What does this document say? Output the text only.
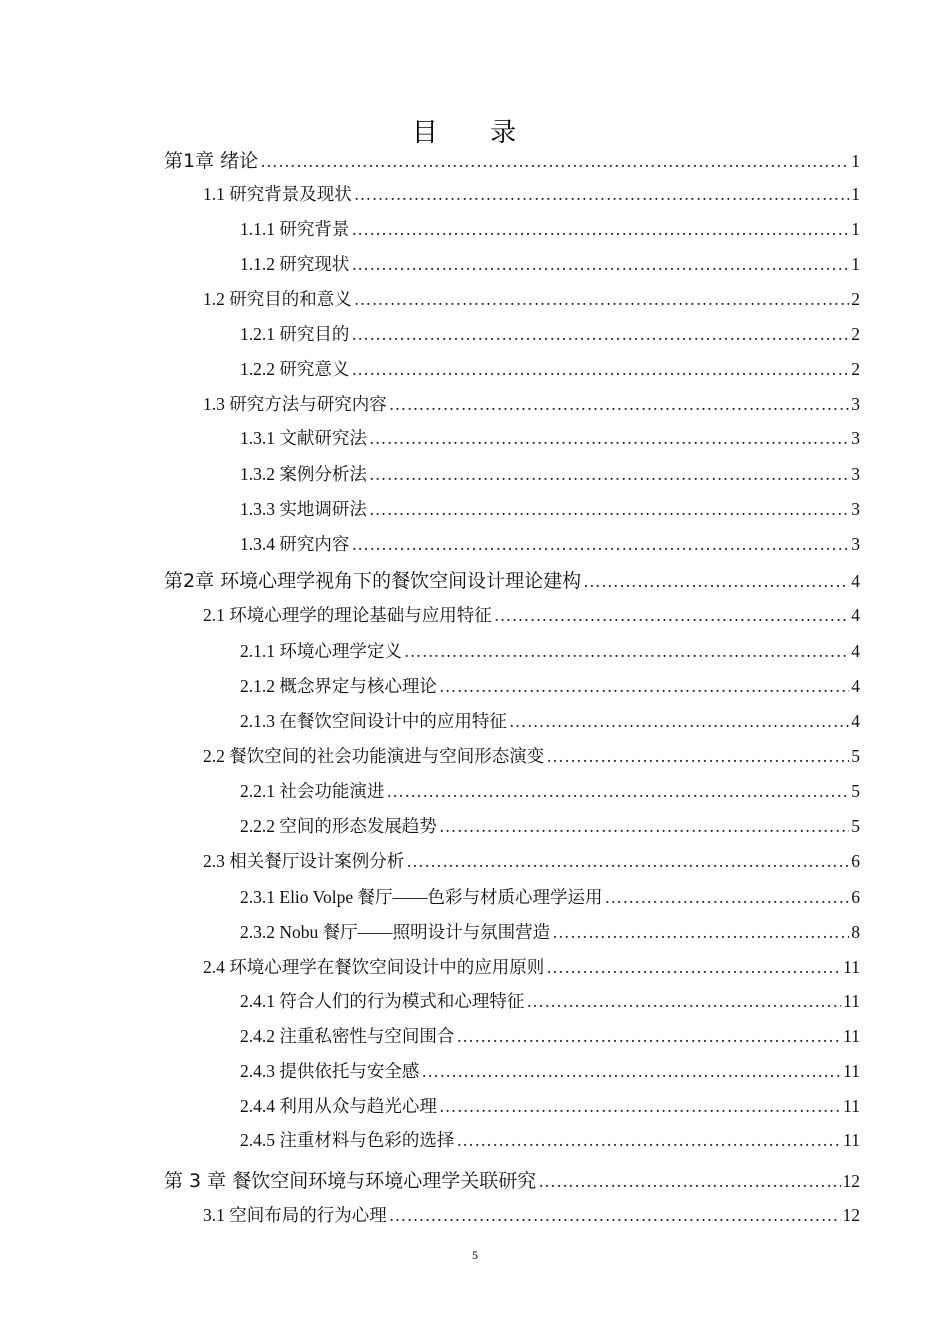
目 录
第1章 绪论 ………………………………………………………………………………………………………………………………………………………………………………………………………………	1
1.1 研究背景及现状 ………………………………………………………………………………………………………………………………………………………………………………………………………………	1
1.1.1 研究背景 ………………………………………………………………………………………………………………………………………………………………………………………………………………	1
1.1.2 研究现状 ………………………………………………………………………………………………………………………………………………………………………………………………………………	1
1.2 研究目的和意义 ………………………………………………………………………………………………………………………………………………………………………………………………………………	2
1.2.1 研究目的 ………………………………………………………………………………………………………………………………………………………………………………………………………………	2
1.2.2 研究意义 ………………………………………………………………………………………………………………………………………………………………………………………………………………	2
1.3 研究方法与研究内容 ………………………………………………………………………………………………………………………………………………………………………………………………………………	3
1.3.1 文献研究法 ………………………………………………………………………………………………………………………………………………………………………………………………………………	3
1.3.2 案例分析法 ………………………………………………………………………………………………………………………………………………………………………………………………………………	3
1.3.3 实地调研法 ………………………………………………………………………………………………………………………………………………………………………………………………………………	3
1.3.4 研究内容 ………………………………………………………………………………………………………………………………………………………………………………………………………………	3
第2章 环境心理学视角下的餐饮空间设计理论建构 ………………………………………………………………………………………………………………………………………………………………………………………………………………	4
2.1 环境心理学的理论基础与应用特征 ………………………………………………………………………………………………………………………………………………………………………………………………………………	4
2.1.1 环境心理学定义 ………………………………………………………………………………………………………………………………………………………………………………………………………………	4
2.1.2 概念界定与核心理论 ………………………………………………………………………………………………………………………………………………………………………………………………………………	4
2.1.3 在餐饮空间设计中的应用特征 ………………………………………………………………………………………………………………………………………………………………………………………………………………	4
2.2 餐饮空间的社会功能演进与空间形态演变 ………………………………………………………………………………………………………………………………………………………………………………………………………………	5
2.2.1 社会功能演进 ………………………………………………………………………………………………………………………………………………………………………………………………………………	5
2.2.2 空间的形态发展趋势 ………………………………………………………………………………………………………………………………………………………………………………………………………………	5
2.3 相关餐厅设计案例分析 ………………………………………………………………………………………………………………………………………………………………………………………………………………	6
2.3.1 Elio Volpe 餐厅——色彩与材质心理学运用 ………………………………………………………………………………………………………………………………………………………………………………………………………………	6
2.3.2 Nobu 餐厅——照明设计与氛围营造 ………………………………………………………………………………………………………………………………………………………………………………………………………………	8
2.4 环境心理学在餐饮空间设计中的应用原则 ………………………………………………………………………………………………………………………………………………………………………………………………………………	11
2.4.1 符合人们的行为模式和心理特征 ………………………………………………………………………………………………………………………………………………………………………………………………………………	11
2.4.2 注重私密性与空间围合 ………………………………………………………………………………………………………………………………………………………………………………………………………………	11
2.4.3 提供依托与安全感 ………………………………………………………………………………………………………………………………………………………………………………………………………………	11
2.4.4 利用从众与趋光心理 ………………………………………………………………………………………………………………………………………………………………………………………………………………	11
2.4.5 注重材料与色彩的选择 ………………………………………………………………………………………………………………………………………………………………………………………………………………	11
第 3 章 餐饮空间环境与环境心理学关联研究 ………………………………………………………………………………………………………………………………………………………………………………………………………………	12
3.1 空间布局的行为心理 ………………………………………………………………………………………………………………………………………………………………………………………………………………	12
5
